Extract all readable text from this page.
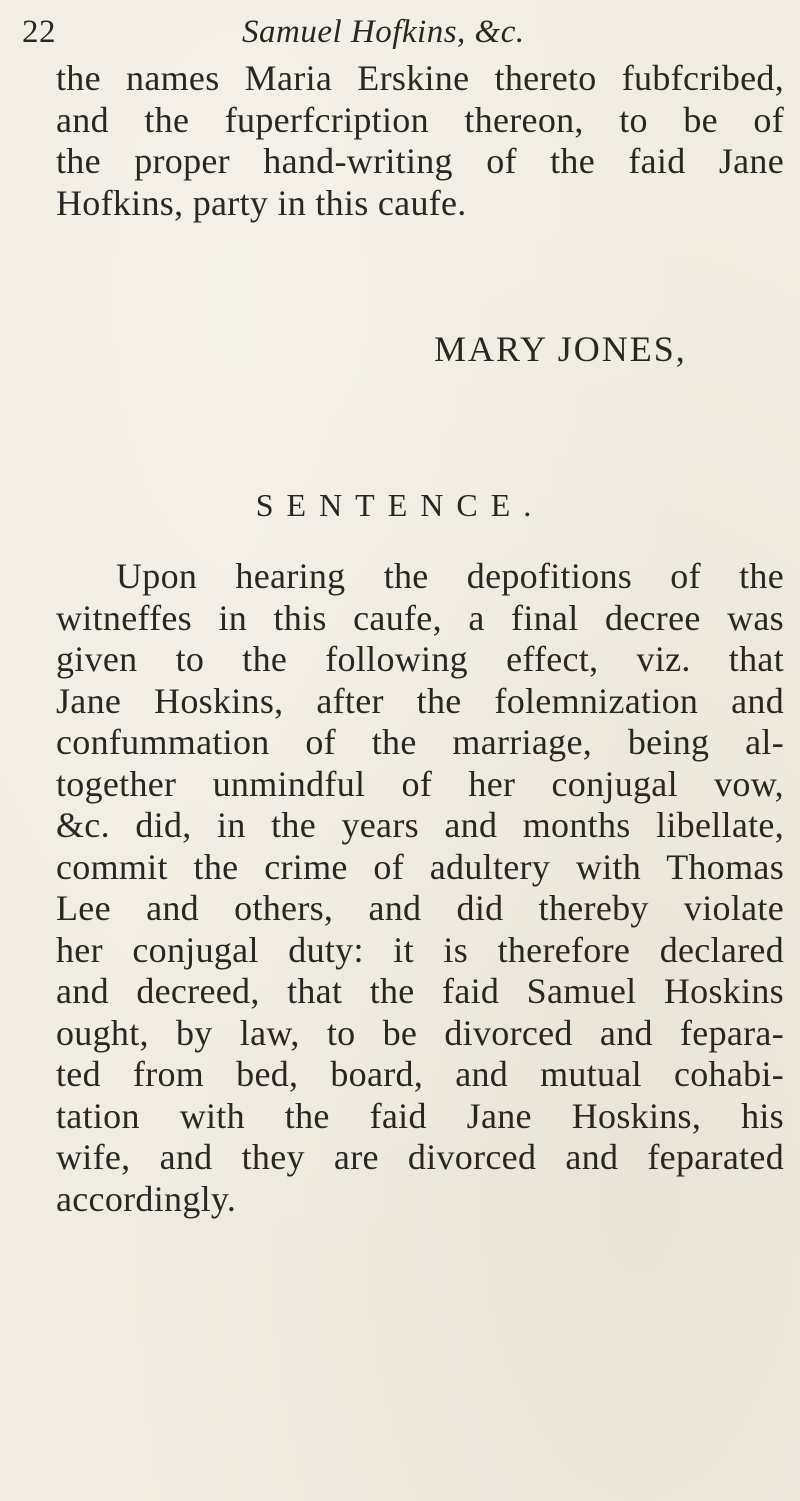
22	Samuel Hofkins, &c.
the names Maria Erskine thereto fubfcribed,
and the fuperfcription thereon, to be of
the proper hand-writing of the faid Jane
Hofkins, party in this caufe.
MARY JONES,
SENTENCE.
Upon hearing the depofitions of the
witneffes in this caufe, a final decree was
given to the following effect, viz. that
Jane Hoskins, after the folemnization and
confummation of the marriage, being al-
together unmindful of her conjugal vow,
&c. did, in the years and months libellate,
commit the crime of adultery with Thomas
Lee and others, and did thereby violate
her conjugal duty: it is therefore declared
and decreed, that the faid Samuel Hoskins
ought, by law, to be divorced and fepara-
ted from bed, board, and mutual cohabi-
tation with the faid Jane Hoskins, his
wife, and they are divorced and feparated
accordingly.
